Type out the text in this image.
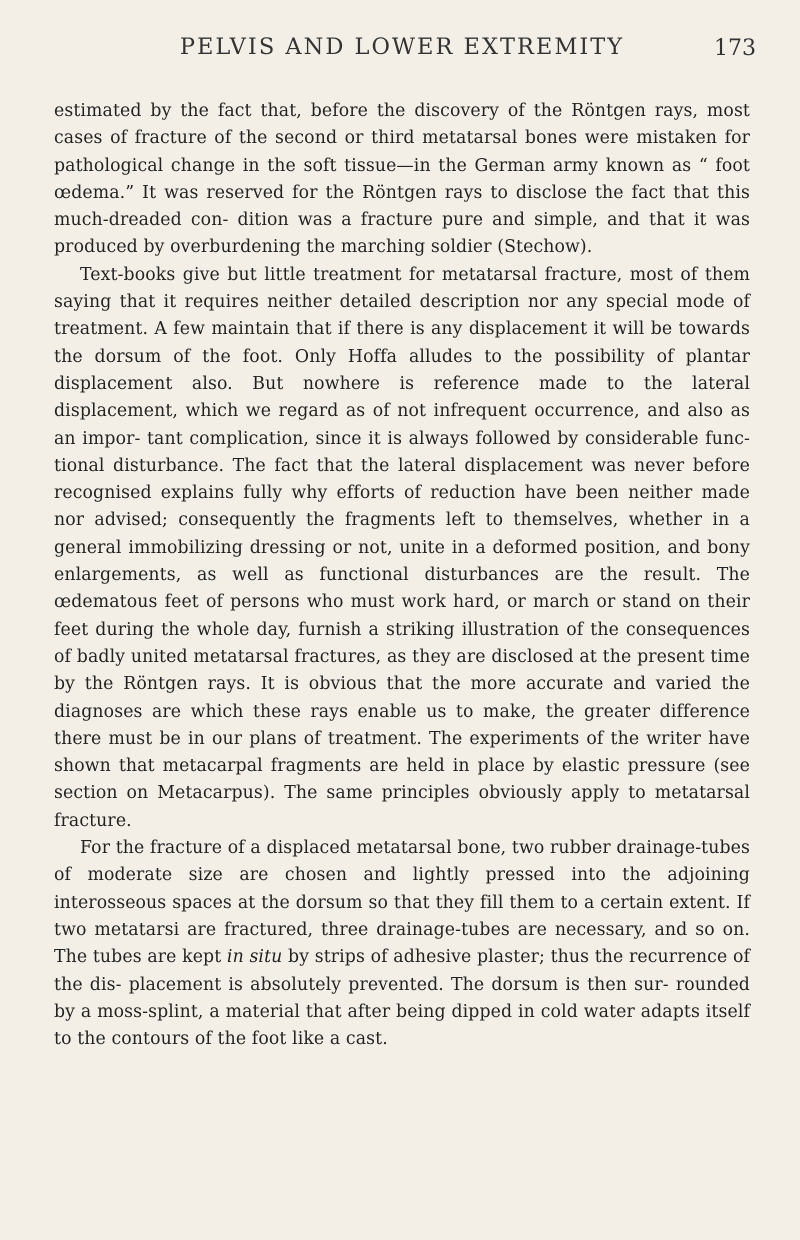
PELVIS AND LOWER EXTREMITY	173

estimated by the fact that, before the discovery of the Röntgen rays, most cases of fracture of the second or third metatarsal bones were mistaken for pathological change in the soft tissue—in the German army known as “ foot œdema.” It was reserved for the Röntgen rays to disclose the fact that this much-dreaded con- dition was a fracture pure and simple, and that it was produced by overburdening the marching soldier (Stechow).

Text-books give but little treatment for metatarsal fracture, most of them saying that it requires neither detailed description nor any special mode of treatment. A few maintain that if there is any displacement it will be towards the dorsum of the foot. Only Hoffa alludes to the possibility of plantar displacement also. But nowhere is reference made to the lateral displacement, which we regard as of not infrequent occurrence, and also as an impor- tant complication, since it is always followed by considerable func- tional disturbance. The fact that the lateral displacement was never before recognised explains fully why efforts of reduction have been neither made nor advised; consequently the fragments left to themselves, whether in a general immobilizing dressing or not, unite in a deformed position, and bony enlargements, as well as functional disturbances are the result. The œdematous feet of persons who must work hard, or march or stand on their feet during the whole day, furnish a striking illustration of the consequences of badly united metatarsal fractures, as they are disclosed at the present time by the Röntgen rays. It is obvious that the more accurate and varied the diagnoses are which these rays enable us to make, the greater difference there must be in our plans of treatment. The experiments of the writer have shown that metacarpal fragments are held in place by elastic pressure (see section on Metacarpus). The same principles obviously apply to metatarsal fracture.

For the fracture of a displaced metatarsal bone, two rubber drainage-tubes of moderate size are chosen and lightly pressed into the adjoining interosseous spaces at the dorsum so that they fill them to a certain extent. If two metatarsi are fractured, three drainage-tubes are necessary, and so on. The tubes are kept in situ by strips of adhesive plaster; thus the recurrence of the dis- placement is absolutely prevented. The dorsum is then sur- rounded by a moss-splint, a material that after being dipped in cold water adapts itself to the contours of the foot like a cast.
